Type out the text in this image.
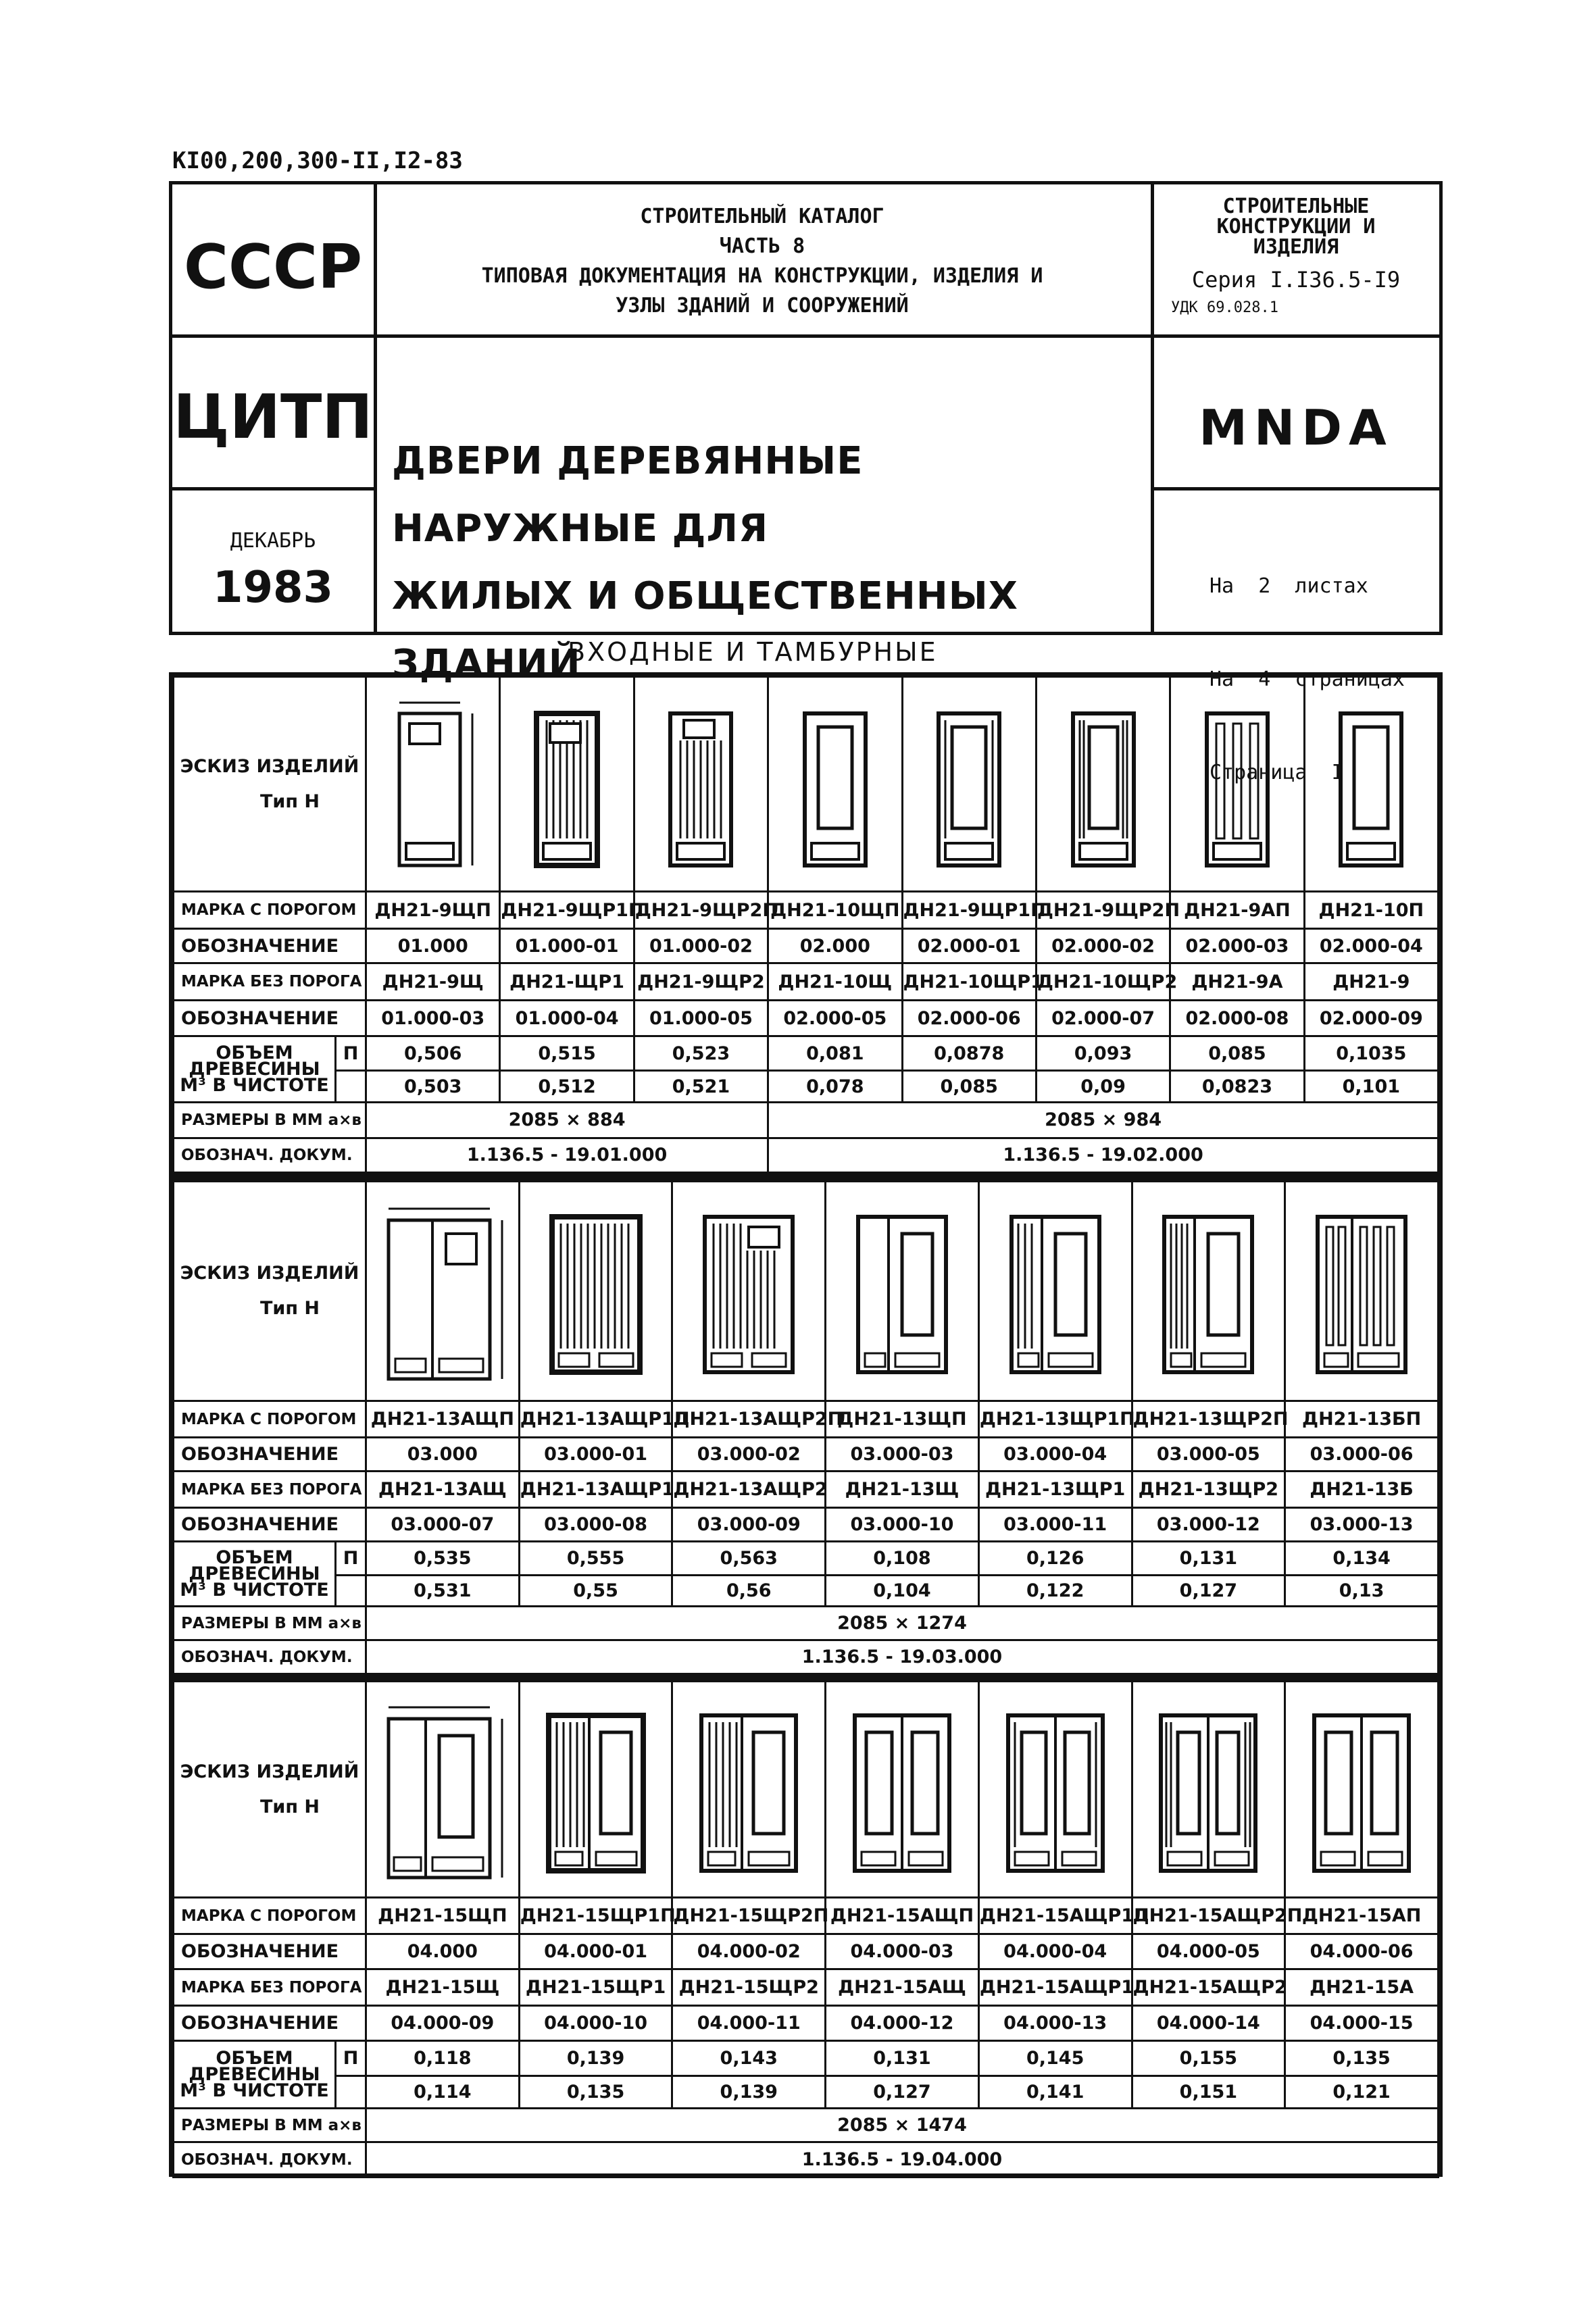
КI00,200,300-II,I2-83
СССР
ЦИТП
ДЕКАБРЬ
1983
СТРОИТЕЛЬНЫЙ КАТАЛОГ
ЧАСТЬ 8
ТИПОВАЯ ДОКУМЕНТАЦИЯ НА КОНСТРУКЦИИ, ИЗДЕЛИЯ И
УЗЛЫ ЗДАНИЙ И СООРУЖЕНИЙ
ДВЕРИ ДЕРЕВЯННЫЕ НАРУЖНЫЕ ДЛЯ
ЖИЛЫХ И ОБЩЕСТВЕННЫХ ЗДАНИЙ
СТРОИТЕЛЬНЫЕ
КОНСТРУКЦИИ И
ИЗДЕЛИЯ
Серия I.I36.5-I9
УДК 69.028.1
MNDA

На  2  листах

На  4  страницах

Страница  I

ВХОДНЫЕ И ТАМБУРНЫЕ
ЭСКИЗ ИЗДЕЛИЙ
Тип Н	

МАРКА С ПОРОГОМ		ДН21-9ЩП	ДН21-9ЩР1П	ДН21-9ЩР2П	ДН21-10ЩП	ДН21-9ЩР1П	ДН21-9ЩР2П	ДН21-9АП	ДН21-10П
ОБОЗНАЧЕНИЕ		01.000	01.000-01	01.000-02	02.000	02.000-01	02.000-02	02.000-03	02.000-04
МАРКА БЕЗ ПОРОГА		ДН21-9Щ	ДН21-ЩР1	ДН21-9ЩР2	ДН21-10Щ	ДН21-10ЩР1	ДН21-10ЩР2	ДН21-9А	ДН21-9
ОБОЗНАЧЕНИЕ		01.000-03	01.000-04	01.000-05	02.000-05	02.000-06	02.000-07	02.000-08	02.000-09
ОБЪЕМ
ДРЕВЕСИНЫ
М³ В ЧИСТОТЕ	П	0,506	0,515	0,523	0,081	0,0878	0,093	0,085	0,1035
		0,503	0,512	0,521	0,078	0,085	0,09	0,0823	0,101
РАЗМЕРЫ В ММ а×в		2085 × 884			2085 × 984				
ОБОЗНАЧ. ДОКУМ.		1.136.5 - 19.01.000			1.136.5 - 19.02.000				
ЭСКИЗ ИЗДЕЛИЙ
Тип Н	

МАРКА С ПОРОГОМ		ДН21-13АЩП	ДН21-13АЩР1П	ДН21-13АЩР2П	ДН21-13ЩП	ДН21-13ЩР1П	ДН21-13ЩР2П	ДН21-13БП
ОБОЗНАЧЕНИЕ		03.000	03.000-01	03.000-02	03.000-03	03.000-04	03.000-05	03.000-06
МАРКА БЕЗ ПОРОГА		ДН21-13АЩ	ДН21-13АЩР1	ДН21-13АЩР2	ДН21-13Щ	ДН21-13ЩР1	ДН21-13ЩР2	ДН21-13Б
ОБОЗНАЧЕНИЕ		03.000-07	03.000-08	03.000-09	03.000-10	03.000-11	03.000-12	03.000-13
ОБЪЕМ
ДРЕВЕСИНЫ
М³ В ЧИСТОТЕ	П	0,535	0,555	0,563	0,108	0,126	0,131	0,134
		0,531	0,55	0,56	0,104	0,122	0,127	0,13
РАЗМЕРЫ В ММ а×в		2085 × 1274						
ОБОЗНАЧ. ДОКУМ.		1.136.5 - 19.03.000						
ЭСКИЗ ИЗДЕЛИЙ
Тип Н	

МАРКА С ПОРОГОМ		ДН21-15ЩП	ДН21-15ЩР1П	ДН21-15ЩР2П	ДН21-15АЩП	ДН21-15АЩР1П	ДН21-15АЩР2П	ДН21-15АП
ОБОЗНАЧЕНИЕ		04.000	04.000-01	04.000-02	04.000-03	04.000-04	04.000-05	04.000-06
МАРКА БЕЗ ПОРОГА		ДН21-15Щ	ДН21-15ЩР1	ДН21-15ЩР2	ДН21-15АЩ	ДН21-15АЩР1	ДН21-15АЩР2	ДН21-15А
ОБОЗНАЧЕНИЕ		04.000-09	04.000-10	04.000-11	04.000-12	04.000-13	04.000-14	04.000-15
ОБЪЕМ
ДРЕВЕСИНЫ
М³ В ЧИСТОТЕ	П	0,118	0,139	0,143	0,131	0,145	0,155	0,135
		0,114	0,135	0,139	0,127	0,141	0,151	0,121
РАЗМЕРЫ В ММ а×в		2085 × 1474						
ОБОЗНАЧ. ДОКУМ.		1.136.5 - 19.04.000						
